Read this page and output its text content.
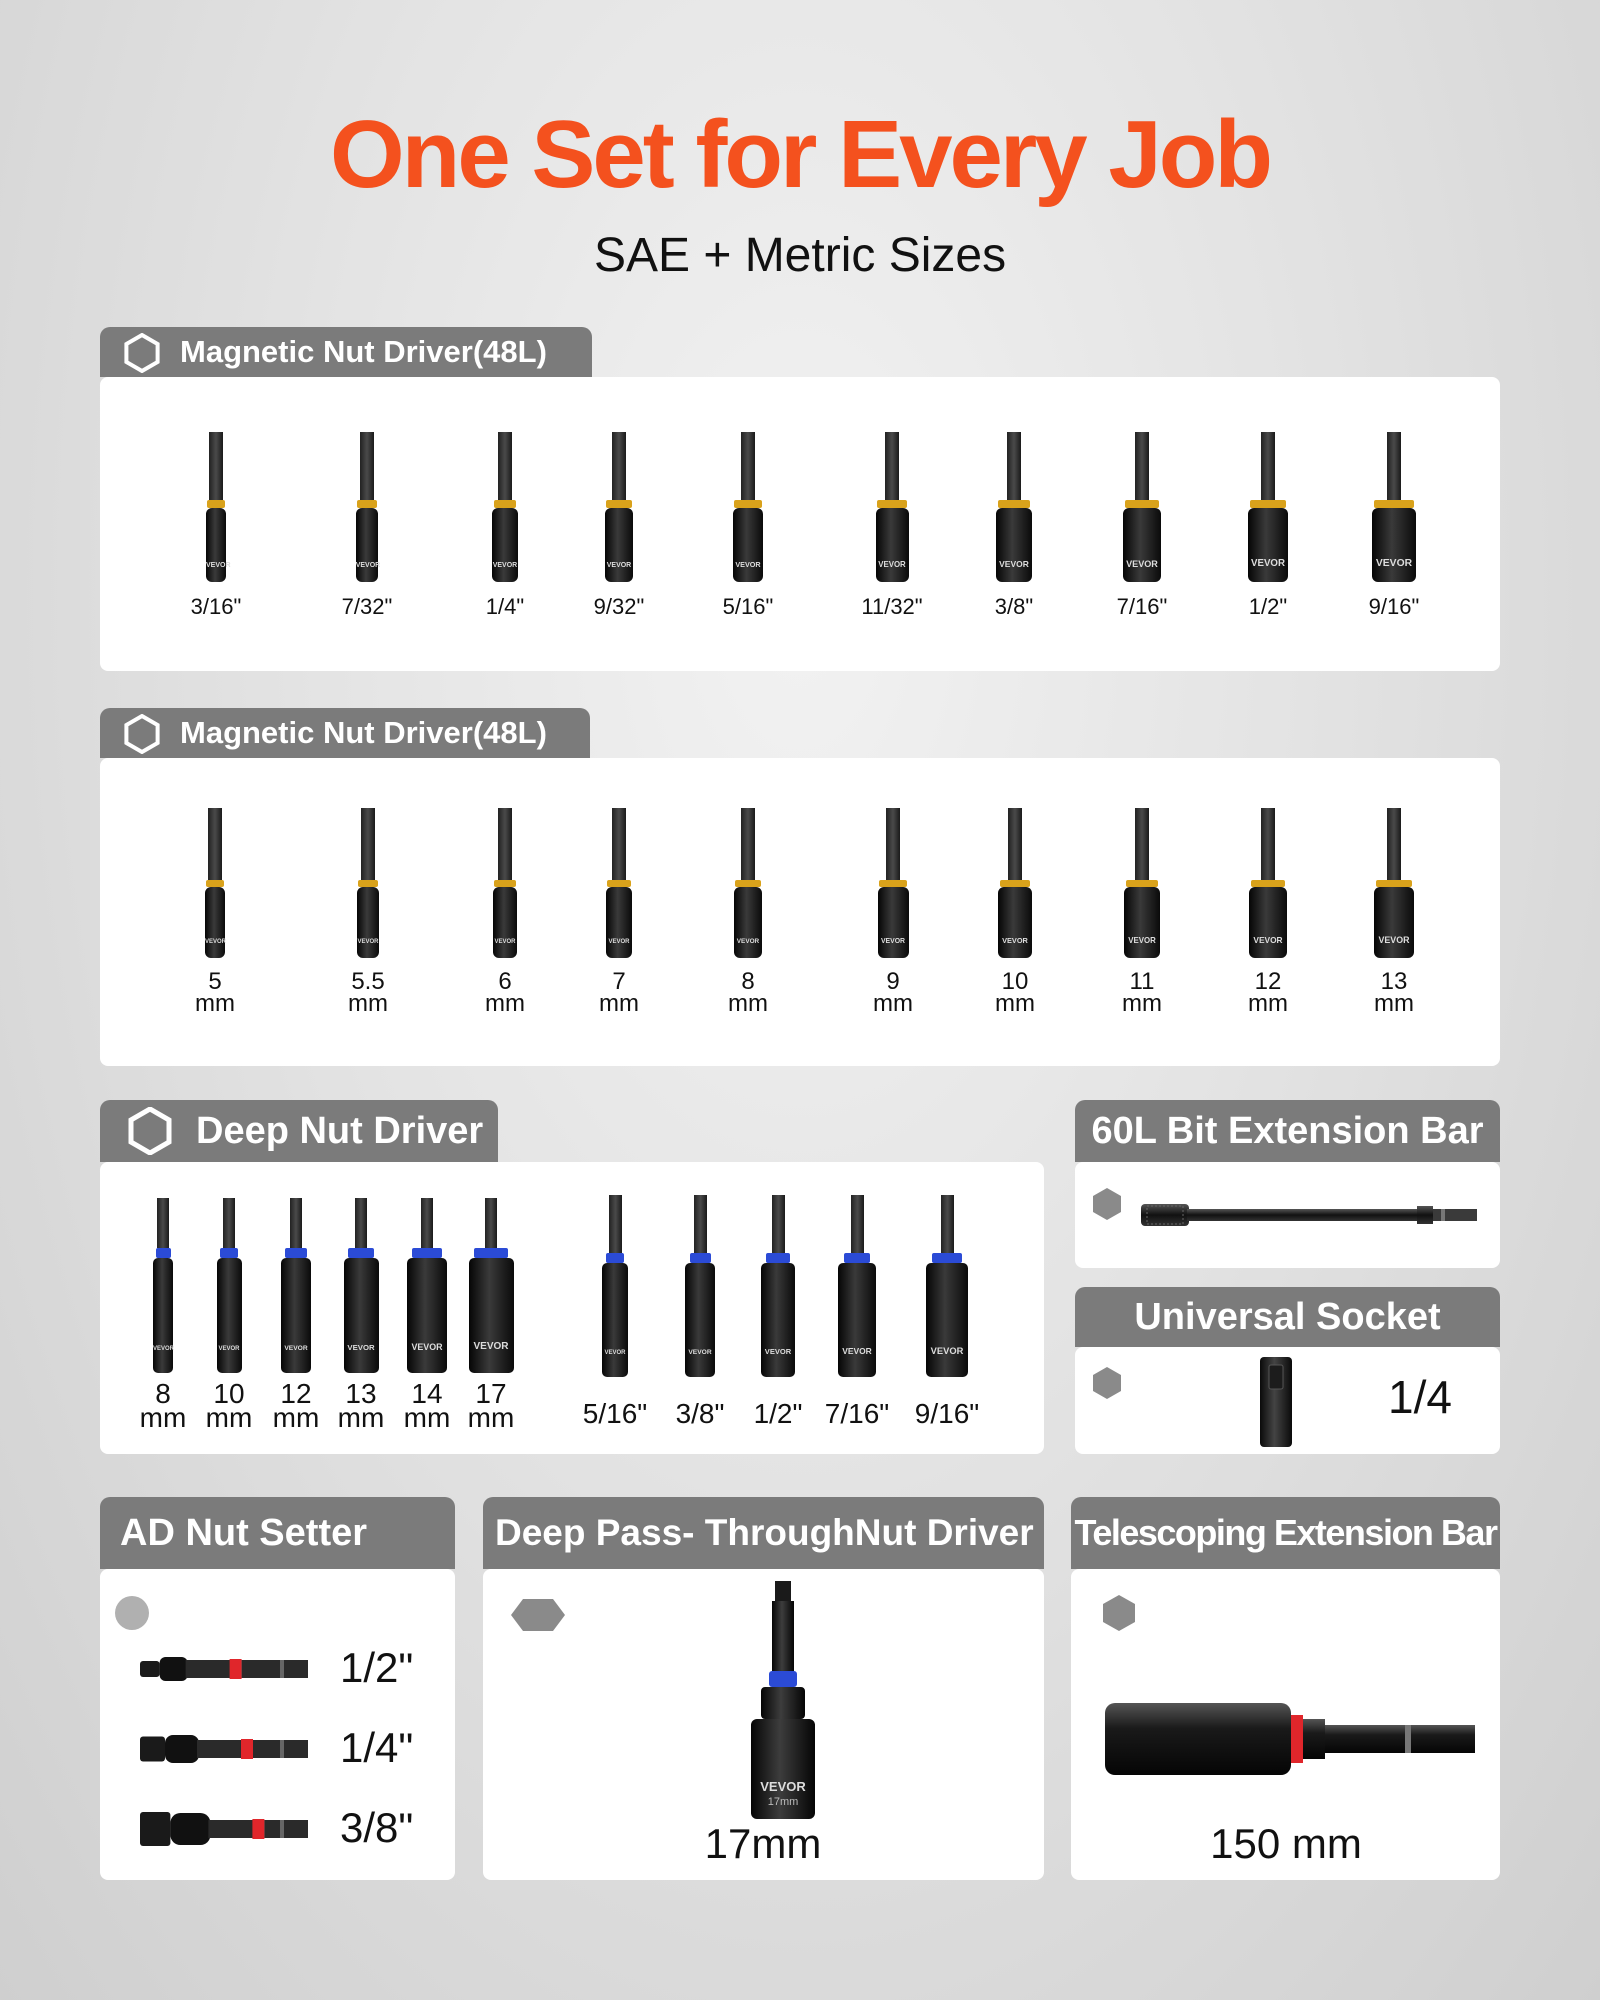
One Set for Every Job
SAE + Metric Sizes
Magnetic Nut Driver(48L)
VEVOR
3/16"
VEVOR
7/32"
VEVOR
1/4"
VEVOR
9/32"
VEVOR
5/16"
VEVOR
11/32"
VEVOR
3/8"
VEVOR
7/16"
VEVOR
1/2"
VEVOR
9/16"
Magnetic Nut Driver(48L)
VEVOR
5
mm
VEVOR
5.5
mm
VEVOR
6
mm
VEVOR
7
mm
VEVOR
8
mm
VEVOR
9
mm
VEVOR
10
mm
VEVOR
11
mm
VEVOR
12
mm
VEVOR
13
mm
Deep Nut Driver
VEVOR
8
mm
VEVOR
10
mm
VEVOR
12
mm
VEVOR
13
mm
VEVOR
14
mm
VEVOR
17
mm
VEVOR
5/16"
VEVOR
3/8"
VEVOR
1/2"
VEVOR
7/16"
VEVOR
9/16"
60L Bit Extension Bar
Universal Socket
1/4
AD Nut Setter
1/2"
1/4"
3/8"
Deep Pass- ThroughNut Driver
VEVOR
17mm
17mm
Telescoping Extension Bar
150 mm
